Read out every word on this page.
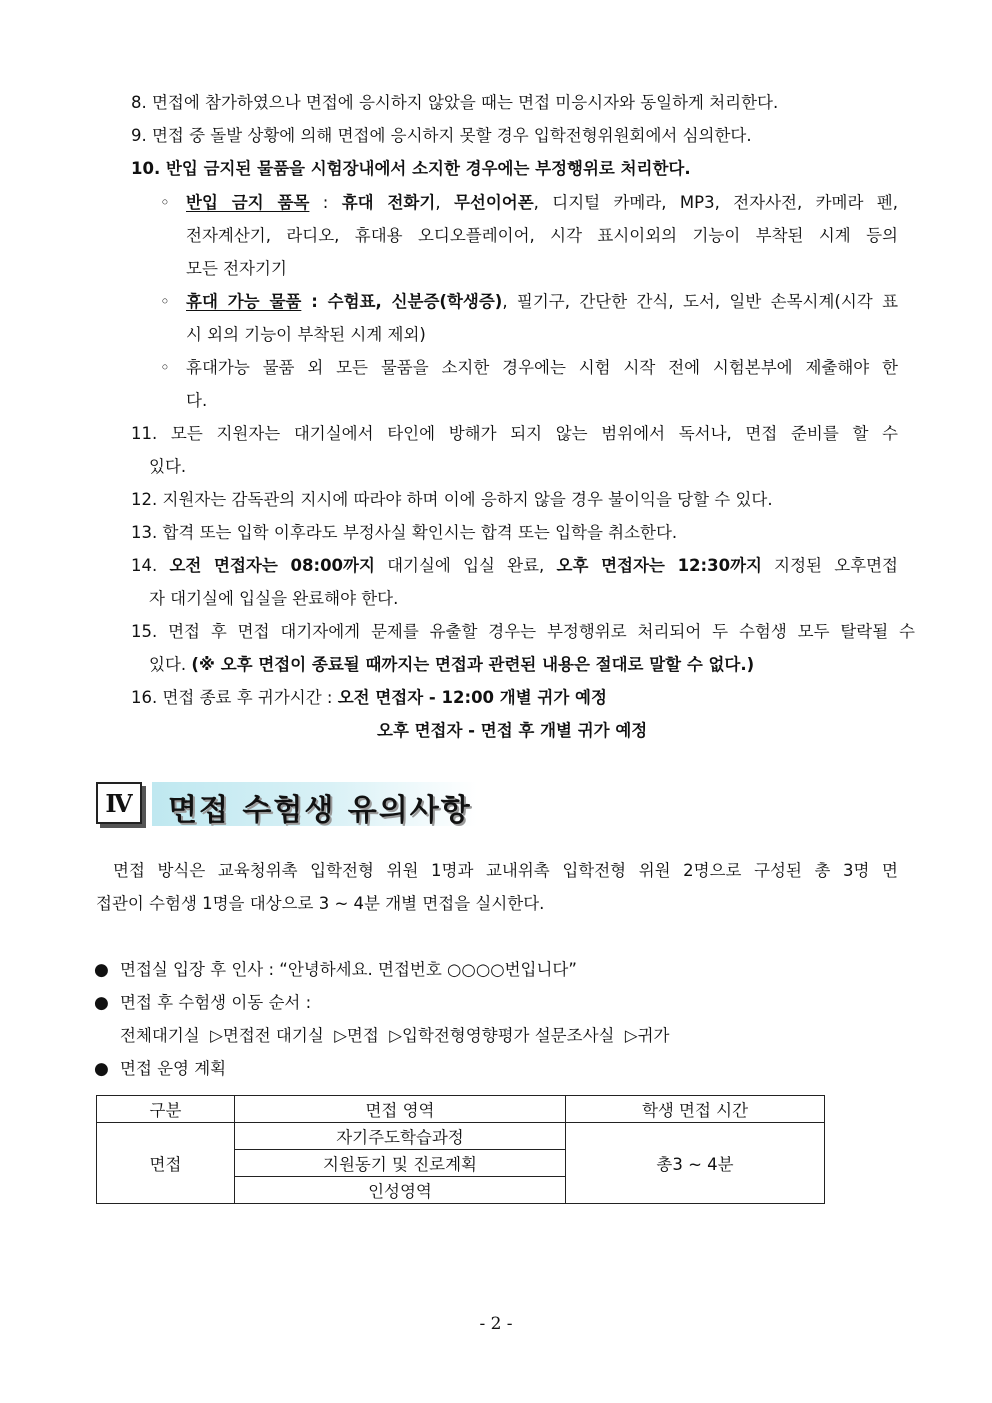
8. 면접에 참가하였으나 면접에 응시하지 않았을 때는 면접 미응시자와 동일하게 처리한다.
9. 면접 중 돌발 상황에 의해 면접에 응시하지 못할 경우 입학전형위원회에서 심의한다.
10. 반입 금지된 물품을 시험장내에서 소지한 경우에는 부정행위로 처리한다.
◦ 반입 금지 품목 : 휴대 전화기, 무선이어폰, 디지털 카메라, MP3, 전자사전, 카메라 펜,
전자계산기, 라디오, 휴대용 오디오플레이어, 시각 표시이외의 기능이 부착된 시계 등의
모든 전자기기
◦ 휴대 가능 물품 : 수험표, 신분증(학생증), 필기구, 간단한 간식, 도서, 일반 손목시계(시각 표
시 외의 기능이 부착된 시계 제외)
◦ 휴대가능 물품 외 모든 물품을 소지한 경우에는 시험 시작 전에 시험본부에 제출해야 한
다.
11. 모든 지원자는 대기실에서 타인에 방해가 되지 않는 범위에서 독서나, 면접 준비를 할 수
있다.
12. 지원자는 감독관의 지시에 따라야 하며 이에 응하지 않을 경우 불이익을 당할 수 있다.
13. 합격 또는 입학 이후라도 부정사실 확인시는 합격 또는 입학을 취소한다.
14. 오전 면접자는 08:00까지 대기실에 입실 완료, 오후 면접자는 12:30까지 지정된 오후면접
자 대기실에 입실을 완료해야 한다.
15. 면접 후 면접 대기자에게 문제를 유출할 경우는 부정행위로 처리되어 두 수험생 모두 탈락될 수
있다. (※ 오후 면접이 종료될 때까지는 면접과 관련된 내용은 절대로 말할 수 없다.)
16. 면접 종료 후 귀가시간 : 오전 면접자 - 12:00 개별 귀가 예정
오후 면접자 - 면접 후 개별 귀가 예정
Ⅳ	면접 수험생 유의사항
면접 방식은 교육청위촉 입학전형 위원 1명과 교내위촉 입학전형 위원 2명으로 구성된 총 3명 면
접관이 수험생 1명을 대상으로 3 ~ 4분 개별 면접을 실시한다.
● 면접실 입장 후 인사 : “안녕하세요. 면접번호 ○○○○번입니다”
● 면접 후 수험생 이동 순서 :
전체대기실  ▷면접전 대기실  ▷면접  ▷입학전형영향평가 설문조사실  ▷귀가
● 면접 운영 계획
구분	면접 영역	학생 면접 시간
면접	자기주도학습과정	총3 ~ 4분
	지원동기 및 진로계획	
	인성영역	
- 2 -
